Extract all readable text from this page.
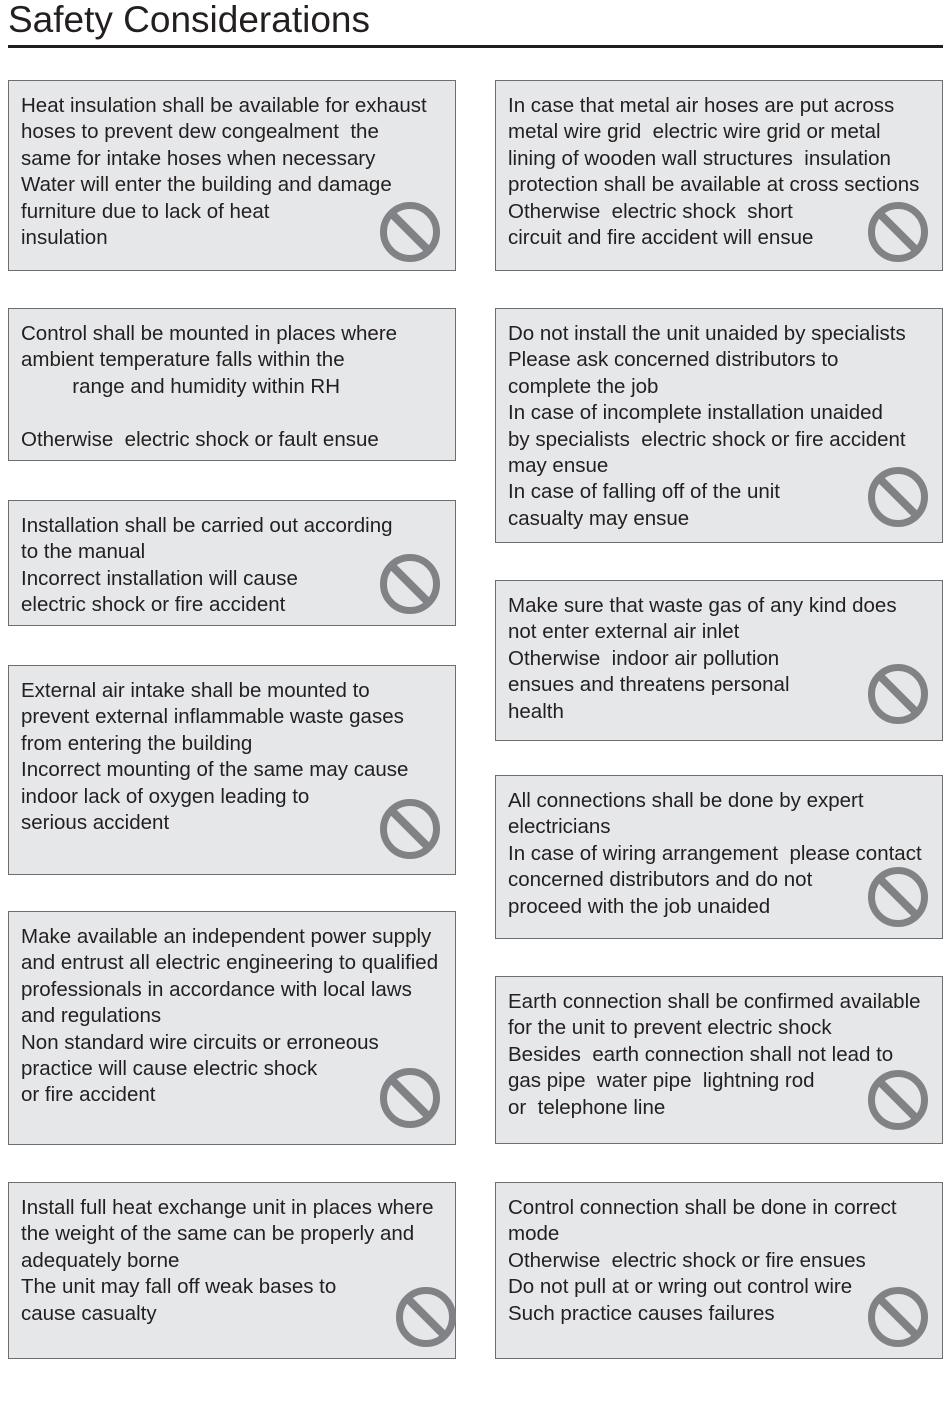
Safety Considerations
Heat insulation shall be available for exhaust
hoses to prevent dew congealment  the
same for intake hoses when necessary
Water will enter the building and damage
furniture due to lack of heat
insulation
Control shall be mounted in places where
ambient temperature falls within the
range and humidity within RH

Otherwise  electric shock or fault ensue
Installation shall be carried out according
to the manual
Incorrect installation will cause
electric shock or fire accident
External air intake shall be mounted to
prevent external inflammable waste gases
from entering the building
Incorrect mounting of the same may cause
indoor lack of oxygen leading to
serious accident
Make available an independent power supply
and entrust all electric engineering to qualified
professionals in accordance with local laws
and regulations
Non standard wire circuits or erroneous
practice will cause electric shock
or fire accident
Install full heat exchange unit in places where
the weight of the same can be properly and
adequately borne
The unit may fall off weak bases to
cause casualty
In case that metal air hoses are put across
metal wire grid  electric wire grid or metal
lining of wooden wall structures  insulation
protection shall be available at cross sections
Otherwise  electric shock  short
circuit and fire accident will ensue
Do not install the unit unaided by specialists
Please ask concerned distributors to
complete the job
In case of incomplete installation unaided
by specialists  electric shock or fire accident
may ensue
In case of falling off of the unit
casualty may ensue
Make sure that waste gas of any kind does
not enter external air inlet
Otherwise  indoor air pollution
ensues and threatens personal
health
All connections shall be done by expert
electricians
In case of wiring arrangement  please contact
concerned distributors and do not
proceed with the job unaided
Earth connection shall be confirmed available
for the unit to prevent electric shock
Besides  earth connection shall not lead to
gas pipe  water pipe  lightning rod
or  telephone line
Control connection shall be done in correct
mode
Otherwise  electric shock or fire ensues
Do not pull at or wring out control wire
Such practice causes failures
